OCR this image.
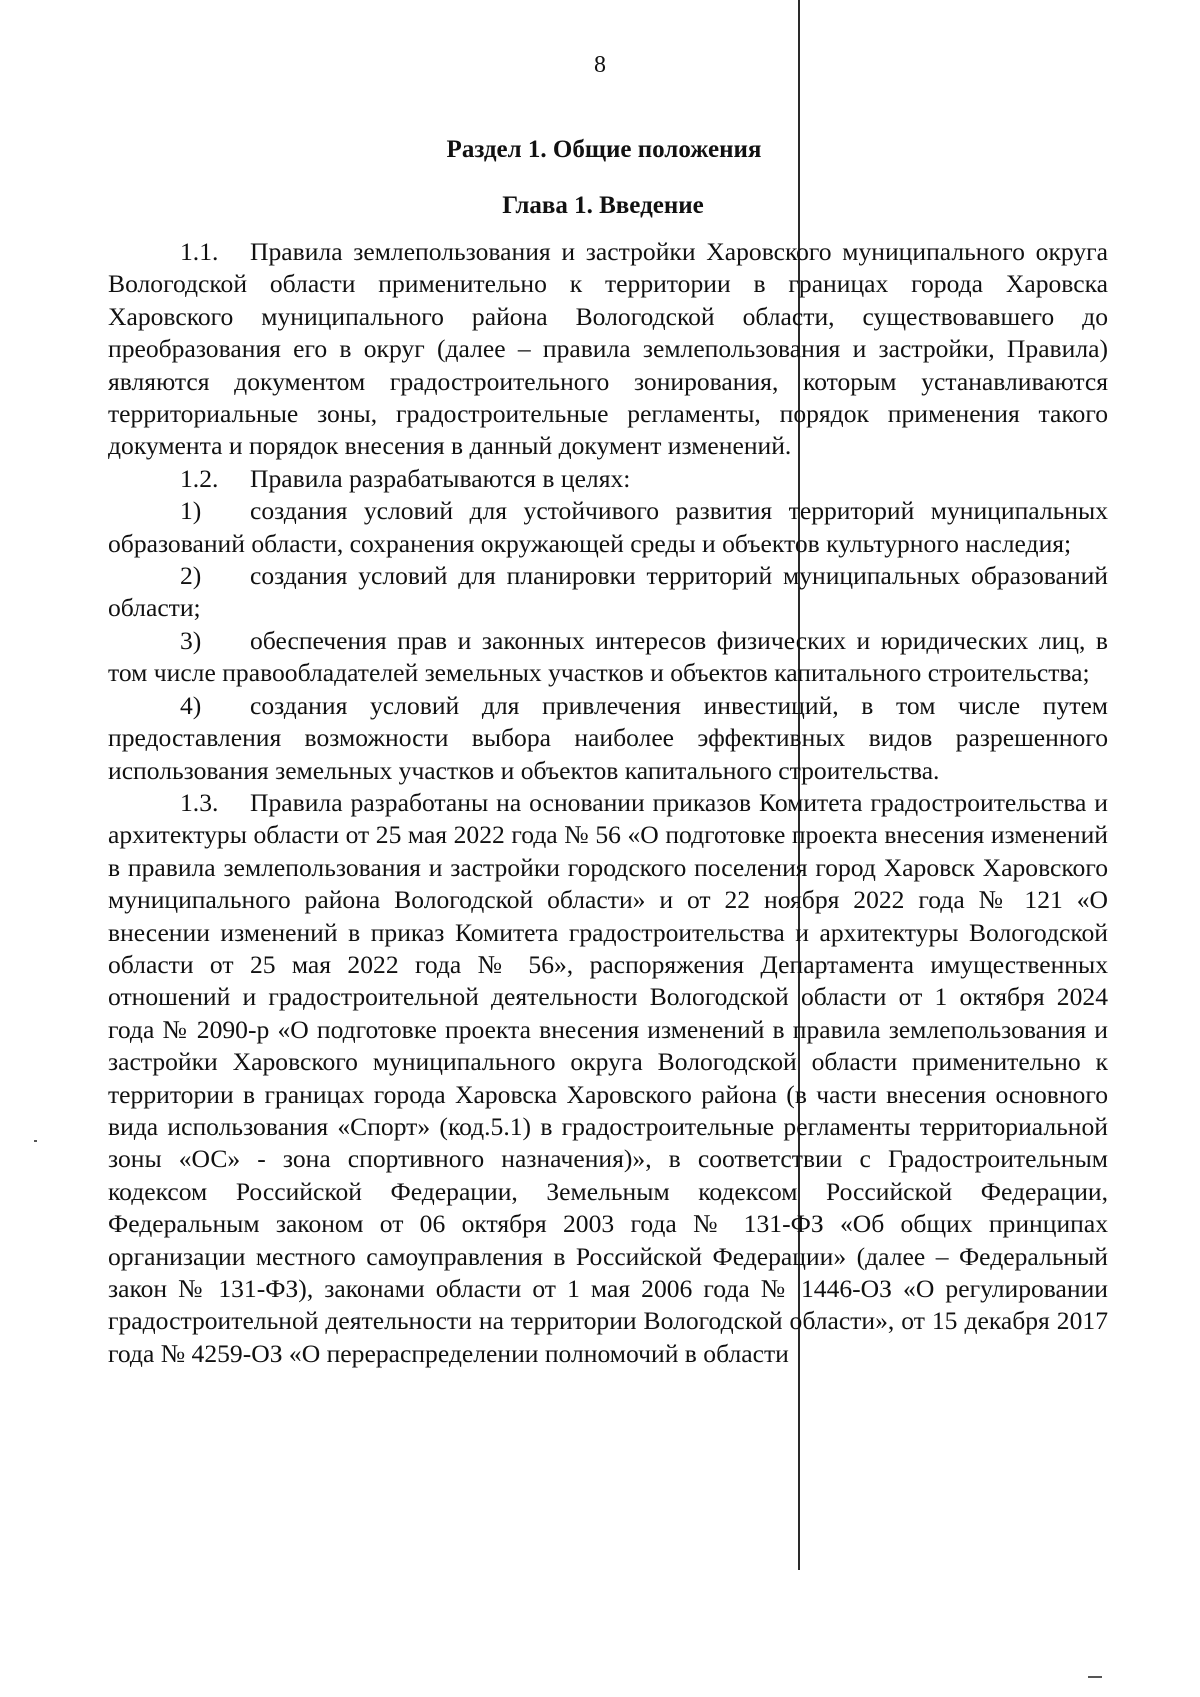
8
Раздел 1. Общие положения
Глава 1. Введение

1.1. Правила землепользования и застройки Харовского муниципального округа Вологодской области применительно к территории в границах города Харовска Харовского муниципального района Вологодской области, существовавшего до преобразования его в округ (далее – правила землепользования и застройки, Правила) являются документом градостроительного зонирования, которым устанавливаются территориальные зоны, градостроительные регламенты, порядок применения такого документа и порядок внесения в данный документ изменений.

1.2. Правила разрабатываются в целях:

1) создания условий для устойчивого развития территорий муниципальных образований области, сохранения окружающей среды и объектов культурного наследия;

2) создания условий для планировки территорий муниципальных образований области;

3) обеспечения прав и законных интересов физических и юридических лиц, в том числе правообладателей земельных участков и объектов капитального строительства;

4) создания условий для привлечения инвестиций, в том числе путем предоставления возможности выбора наиболее эффективных видов разрешенного использования земельных участков и объектов капитального строительства.

1.3. Правила разработаны на основании приказов Комитета градостроительства и архитектуры области от 25 мая 2022 года № 56 «О подготовке проекта внесения изменений в правила землепользования и застройки городского поселения город Харовск Харовского муниципального района Вологодской области» и от 22 ноября 2022 года № 121 «О внесении изменений в приказ Комитета градостроительства и архитектуры Вологодской области от 25 мая 2022 года № 56», распоряжения Департамента имущественных отношений и градостроительной деятельности Вологодской области от 1 октября 2024 года № 2090-р «О подготовке проекта внесения изменений в правила землепользования и застройки Харовского муниципального округа Вологодской области применительно к территории в границах города Харовска Харовского района (в части внесения основного вида использования «Спорт» (код.5.1) в градостроительные регламенты территориальной зоны «ОС» - зона спортивного назначения)», в соответствии с Градостроительным кодексом Российской Федерации, Земельным кодексом Российской Федерации, Федеральным законом от 06 октября 2003 года № 131-ФЗ «Об общих принципах организации местного самоуправления в Российской Федерации» (далее – Федеральный закон № 131-ФЗ), законами области от 1 мая 2006 года № 1446-ОЗ «О регулировании градостроительной деятельности на территории Вологодской области», от 15 декабря 2017 года № 4259-ОЗ «О перераспределении полномочий в области
